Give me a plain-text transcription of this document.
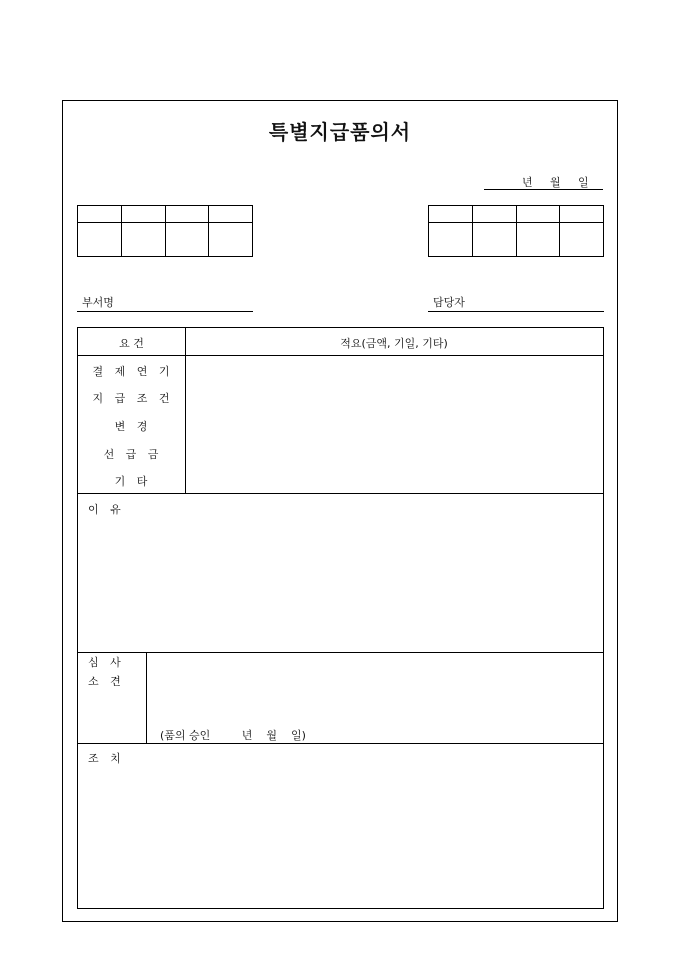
특별지급품의서
년 월 일

부서명	담당자
요 건	적요(금액, 기일, 기타)
결 제 연 기
지 급 조 건
변 경
선 급 금
기 타
이 유
심 사
소 견
(품의 승인         년    월    일)
조 치
